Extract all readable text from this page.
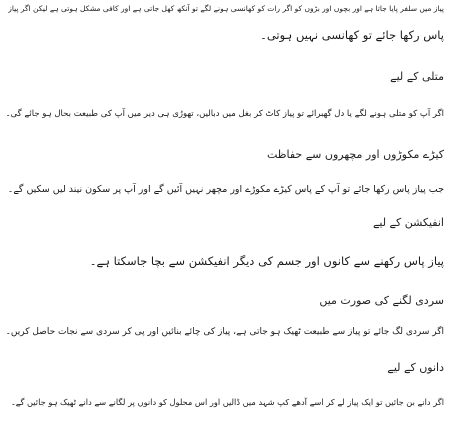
پیاز میں سلفر پایا جاتا ہے اور بچوں اور بڑوں کو اگر رات کو کھانسی ہونے لگے تو آنکھ کھل جاتی ہے اور کافی مشکل ہوتی ہے لیکن اگر پیاز
پاس رکھا جائے تو کھانسی نہیں ہوتی۔
متلی کے لیے
اگر آپ کو متلی ہونے لگے یا دل گھبرائے تو پیاز کاٹ کر بغل میں دبالیں، تھوڑی ہی دیر میں آپ کی طبیعت بحال ہو جائے گی۔
کیڑے مکوڑوں اور مچھروں سے حفاظت
جب پیاز پاس رکھا جائے تو آپ کے پاس کیڑے مکوڑے اور مچھر نہیں آئیں گے اور آپ پر سکون نیند لیں سکیں گے۔
انفیکشن کے لیے
پیاز پاس رکھنے سے کانوں اور جسم کی دیگر انفیکشن سے بچا جاسکتا ہے۔
سردی لگنے کی صورت میں
اگر سردی لگ جائے تو پیاز سے طبیعت ٹھیک ہو جاتی ہے، پیاز کی چائے بنائیں اور پی کر سردی سے نجات حاصل کریں۔
دانوں کے لیے
اگر دانے بن جائیں تو ایک پیاز لے کر اسے آدھے کپ شہد میں ڈالیں اور اس محلول کو دانوں پر لگانے سے دانے ٹھیک ہو جائیں گے۔
